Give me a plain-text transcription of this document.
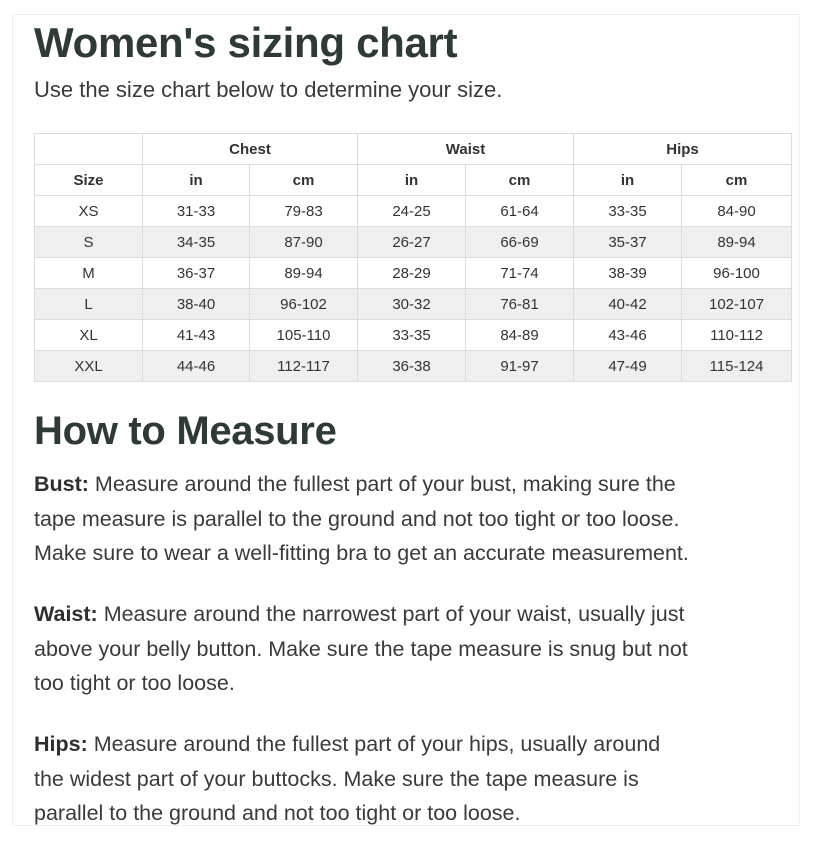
Women's sizing chart
Use the size chart below to determine your size.
	Chest		Waist		Hips	
Size	in	cm	in	cm	in	cm
XS	31-33	79-83	24-25	61-64	33-35	84-90
S	34-35	87-90	26-27	66-69	35-37	89-94
M	36-37	89-94	28-29	71-74	38-39	96-100
L	38-40	96-102	30-32	76-81	40-42	102-107
XL	41-43	105-110	33-35	84-89	43-46	110-112
XXL	44-46	112-117	36-38	91-97	47-49	115-124
How to Measure

Bust: Measure around the fullest part of your bust, making sure the
tape measure is parallel to the ground and not too tight or too loose.
Make sure to wear a well-fitting bra to get an accurate measurement.

Waist: Measure around the narrowest part of your waist, usually just
above your belly button. Make sure the tape measure is snug but not
too tight or too loose.

Hips: Measure around the fullest part of your hips, usually around
the widest part of your buttocks. Make sure the tape measure is
parallel to the ground and not too tight or too loose.
